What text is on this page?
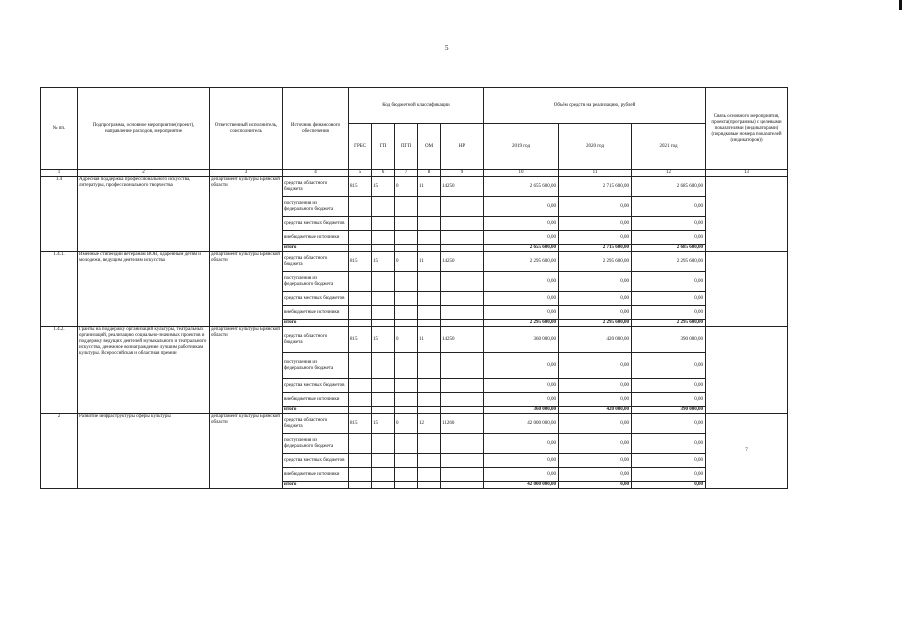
5
№ пп.	Подпрограмма, основное мероприятие(проект), направление расходов, мероприятие	Ответственный исполнитель, соисполнитель	Источник финансового обеспечения	Код бюджетной классификации					Объём средств на реализацию, рублей			Связь основного мероприятия, проекта(программы) с целевыми показателями (индикаторами) (порядковые номера показателей (индикаторов))
				ГРБС	ГП	ПГП	ОМ	НР	2019 год	2020 год	2021 год	
1	2	3	4	5	6	7	8	9	10	11	12	13
1.4	Адресная поддержка профессионального искусства, литературы, профессионального творчества	департамент культуры Брянской области	средства областного бюджета	815	15	0	11	14250	2 655 600,00	2 715 600,00	2 685 600,00	
			поступления из федерального бюджета						0,00	0,00	0,00	
			средства местных бюджетов						0,00	0,00	0,00	
			внебюджетные источники						0,00	0,00	0,00	
			итого						2 655 600,00	2 715 600,00	2 685 600,00	
1.4.1.	Именные стипендии ветеранам ВОВ, одарённым детям и молодежи, ведущим деятелям искусства	департамент культуры Брянской области	средства областного бюджета	815	15	0	11	14250	2 295 600,00	2 295 600,00	2 295 600,00	
			поступления из федерального бюджета						0,00	0,00	0,00	
			средства местных бюджетов						0,00	0,00	0,00	
			внебюджетные источники						0,00	0,00	0,00	
			итого						2 295 600,00	2 295 600,00	2 295 600,00	
1.4.2.	Гранты на поддержку организаций культуры, театральных организаций, реализацию социально-значимых проектов и поддержку ведущих деятелей музыкального и театрального искусства, денежное вознаграждение лучшим работникам культуры. Всероссийская и областная премии	департамент культуры Брянской области	средства областного бюджета	815	15	0	11	14250	360 000,00	420 000,00	390 000,00	
			поступления из федерального бюджета						0,00	0,00	0,00	
			средства местных бюджетов						0,00	0,00	0,00	
			внебюджетные источники						0,00	0,00	0,00	
			итого						360 000,00	420 000,00	390 000,00	
2	Развитие инфраструктуры сферы культуры	департамент культуры Брянской области	средства областного бюджета	815	15	0	12	11260	42 000 000,00	0,00	0,00	7
			поступления из федерального бюджета						0,00	0,00	0,00	
			средства местных бюджетов						0,00	0,00	0,00	
			внебюджетные источники						0,00	0,00	0,00	
			итого						42 000 000,00	0,00	0,00	
